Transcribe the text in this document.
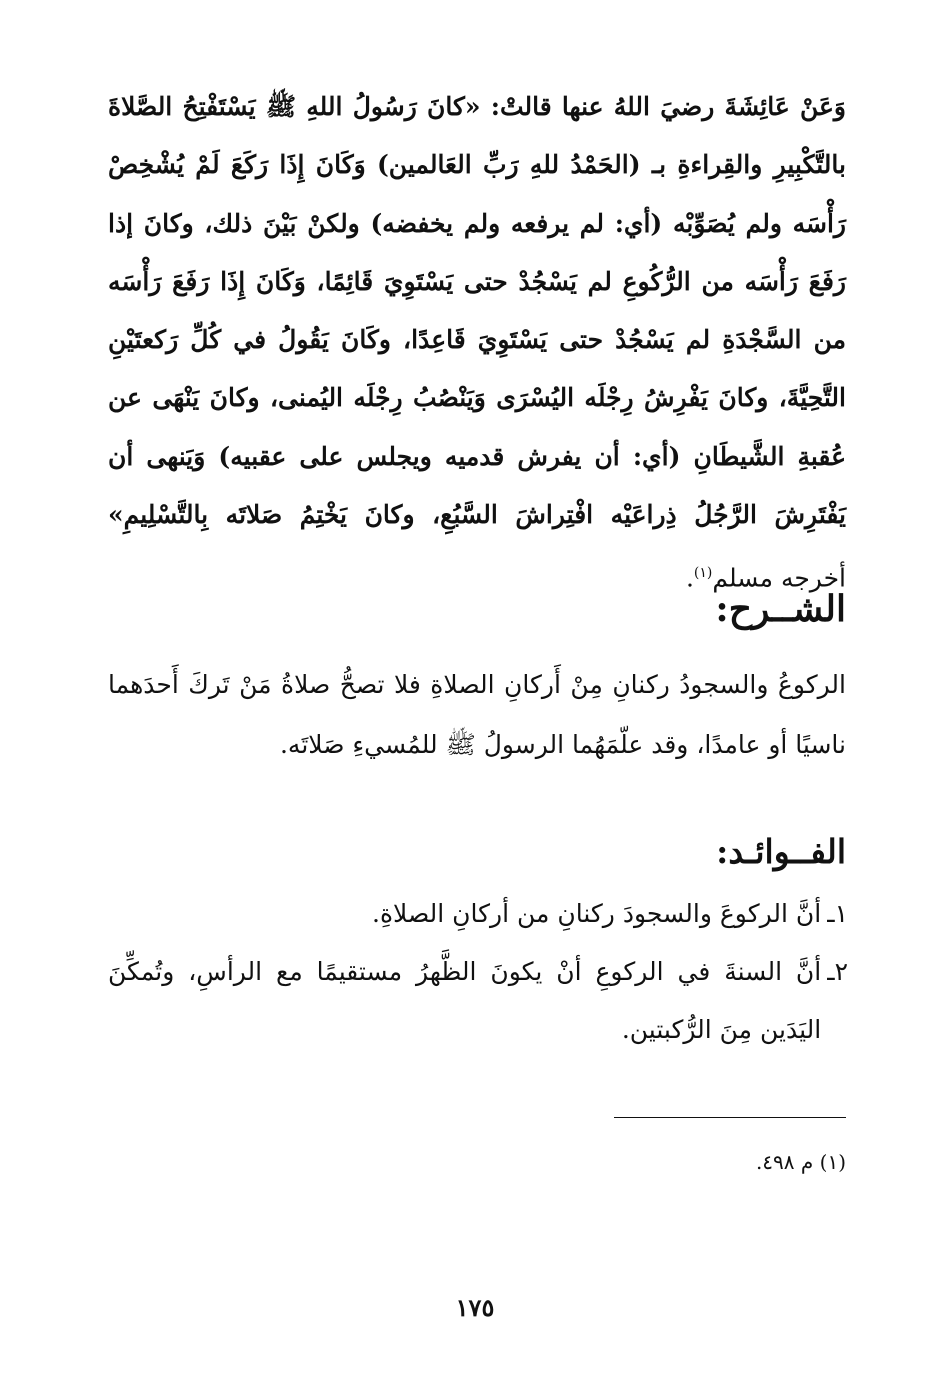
وَعَنْ عَائِشَةَ رضيَ اللهُ عنها قالتْ: «كانَ رَسُولُ اللهِ ﷺ يَسْتَفْتِحُ الصَّلاةَ بالتَّكْبِيرِ والقِراءةِ بـ (الحَمْدُ للهِ رَبِّ العَالمين) وَكَانَ إِذَا رَكَعَ لَمْ يُشْخِصْ رَأْسَه ولم يُصَوِّبْه (أي: لم يرفعه ولم يخفضه) ولكنْ بَيْنَ ذلك، وكانَ إذا رَفَعَ رَأْسَه من الرُّكُوعِ لم يَسْجُدْ حتى يَسْتَوِيَ قَائِمًا، وَكَانَ إِذَا رَفَعَ رَأْسَه من السَّجْدَةِ لم يَسْجُدْ حتى يَسْتَوِيَ قَاعِدًا، وكَانَ يَقُولُ في كُلِّ رَكعتَيْنِ التَّحِيَّةَ، وكانَ يَفْرِشُ رِجْلَه اليُسْرَى وَيَنْصُبُ رِجْلَه اليُمنى، وكانَ يَنْهَى عن عُقبةِ الشَّيطَانِ (أي: أن يفرش قدميه ويجلس على عقبيه) وَيَنهى أن يَفْتَرِشَ الرَّجُلُ ذِراعَيْه افْتِراشَ السَّبُعِ، وكانَ يَخْتِمُ صَلاتَه بِالتَّسْلِيمِ» أخرجه مسلم$^{(١)}$.
الشــرح:
الركوعُ والسجودُ ركنانِ مِنْ أَركانِ الصلاةِ فلا تصحُّ صلاةُ مَنْ تَركَ أَحدَهما ناسيًا أو عامدًا، وقد علّمَهُما الرسولُ ﷺ للمُسيءِ صَلاتَه.
الفــوائـد:
١ـ
أنَّ الركوعَ والسجودَ ركنانِ من أركانِ الصلاةِ.
٢ـ
أنَّ السنةَ في الركوعِ أنْ يكونَ الظَّهرُ مستقيمًا مع الرأسِ، وتُمكِّنَ اليَدَين مِنَ الرُّكبتين.
(١) م ٤٩٨.
١٧٥
